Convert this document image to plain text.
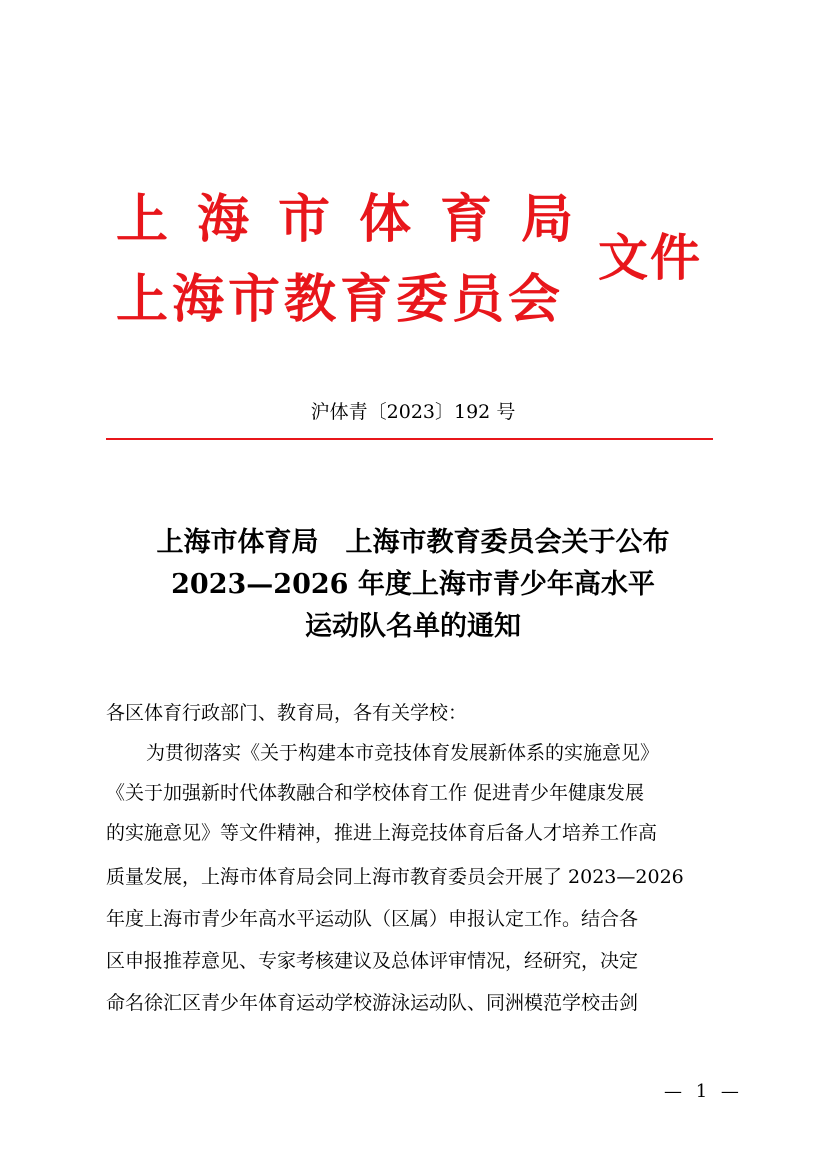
上海市体育局
上海市教育委员会
文件
沪体青〔2023〕192 号
上海市体育局　上海市教育委员会关于公布
2023—2026 年度上海市青少年高水平
运动队名单的通知
各区体育行政部门、教育局，各有关学校：
为贯彻落实《关于构建本市竞技体育发展新体系的实施意见》
《关于加强新时代体教融合和学校体育工作 促进青少年健康发展
的实施意见》等文件精神，推进上海竞技体育后备人才培养工作高
质量发展，上海市体育局会同上海市教育委员会开展了 2023—2026
年度上海市青少年高水平运动队（区属）申报认定工作。结合各
区申报推荐意见、专家考核建议及总体评审情况，经研究，决定
命名徐汇区青少年体育运动学校游泳运动队、同洲模范学校击剑
— 1 —
